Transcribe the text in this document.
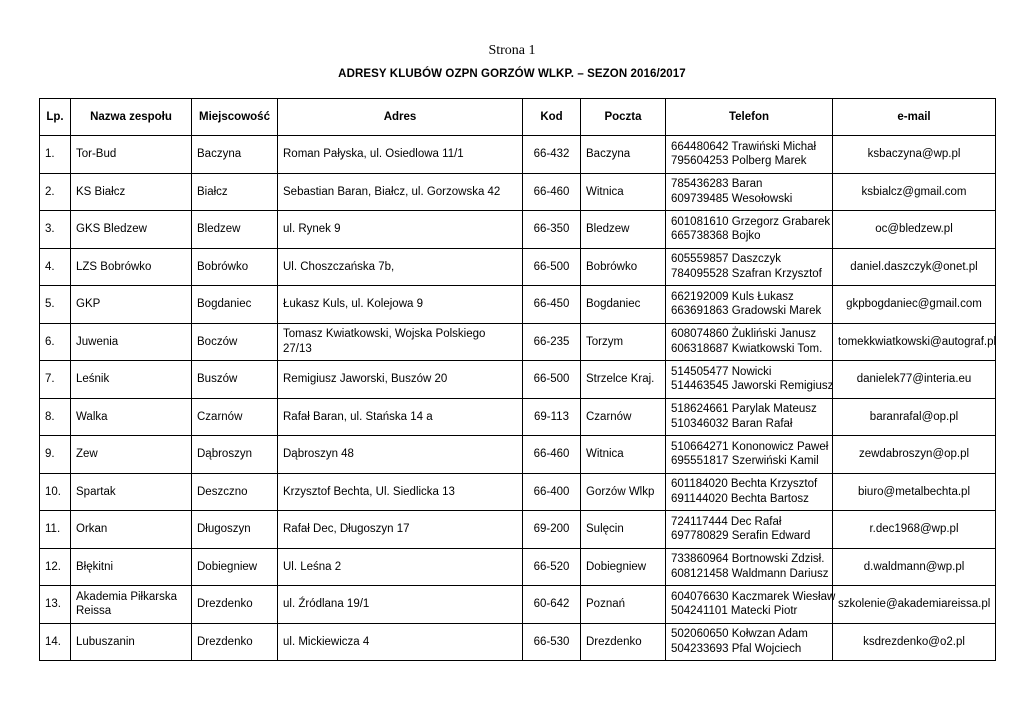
Strona 1
ADRESY KLUBÓW OZPN GORZÓW WLKP. – SEZON 2016/2017
Lp.	Nazwa zespołu	Miejscowość	Adres	Kod	Poczta	Telefon	e-mail
1.	Tor-Bud	Baczyna	Roman Pałyska, ul. Osiedlowa 11/1	66-432	Baczyna	664480642 Trawiński Michał
795604253 Polberg Marek	ksbaczyna@wp.pl
2.	KS Białcz	Białcz	Sebastian Baran, Białcz, ul. Gorzowska 42	66-460	Witnica	785436283 Baran
609739485 Wesołowski	ksbialcz@gmail.com
3.	GKS Bledzew	Bledzew	ul. Rynek 9	66-350	Bledzew	601081610 Grzegorz Grabarek
665738368 Bojko	oc@bledzew.pl
4.	LZS Bobrówko	Bobrówko	Ul. Choszczańska 7b,	66-500	Bobrówko	605559857 Daszczyk
784095528 Szafran Krzysztof	daniel.daszczyk@onet.pl
5.	GKP	Bogdaniec	Łukasz Kuls, ul. Kolejowa 9	66-450	Bogdaniec	662192009 Kuls Łukasz
663691863 Gradowski Marek	gkpbogdaniec@gmail.com
6.	Juwenia	Boczów	Tomasz Kwiatkowski, Wojska Polskiego 27/13	66-235	Torzym	608074860 Żukliński Janusz
606318687 Kwiatkowski Tom.	tomekkwiatkowski@autograf.pl
7.	Leśnik	Buszów	Remigiusz Jaworski, Buszów 20	66-500	Strzelce Kraj.	514505477 Nowicki
514463545 Jaworski Remigiusz	danielek77@interia.eu
8.	Walka	Czarnów	Rafał Baran, ul. Stańska 14 a	69-113	Czarnów	518624661 Parylak Mateusz
510346032 Baran Rafał	baranrafal@op.pl
9.	Zew	Dąbroszyn	Dąbroszyn 48	66-460	Witnica	510664271 Kononowicz Paweł
695551817 Szerwiński Kamil	zewdabroszyn@op.pl
10.	Spartak	Deszczno	Krzysztof Bechta, Ul. Siedlicka 13	66-400	Gorzów Wlkp	601184020 Bechta Krzysztof
691144020 Bechta Bartosz	biuro@metalbechta.pl
11.	Orkan	Długoszyn	Rafał Dec, Długoszyn 17	69-200	Sulęcin	724117444 Dec Rafał
697780829 Serafin Edward	r.dec1968@wp.pl
12.	Błękitni	Dobiegniew	Ul. Leśna 2	66-520	Dobiegniew	733860964 Bortnowski Zdzisł.
608121458 Waldmann Dariusz	d.waldmann@wp.pl
13.	Akademia Piłkarska Reissa	Drezdenko	ul. Źródlana 19/1	60-642	Poznań	604076630 Kaczmarek Wiesław
504241101 Matecki Piotr	szkolenie@akademiareissa.pl
14.	Lubuszanin	Drezdenko	ul. Mickiewicza 4	66-530	Drezdenko	502060650 Kołwzan Adam
504233693 Pfal Wojciech	ksdrezdenko@o2.pl
